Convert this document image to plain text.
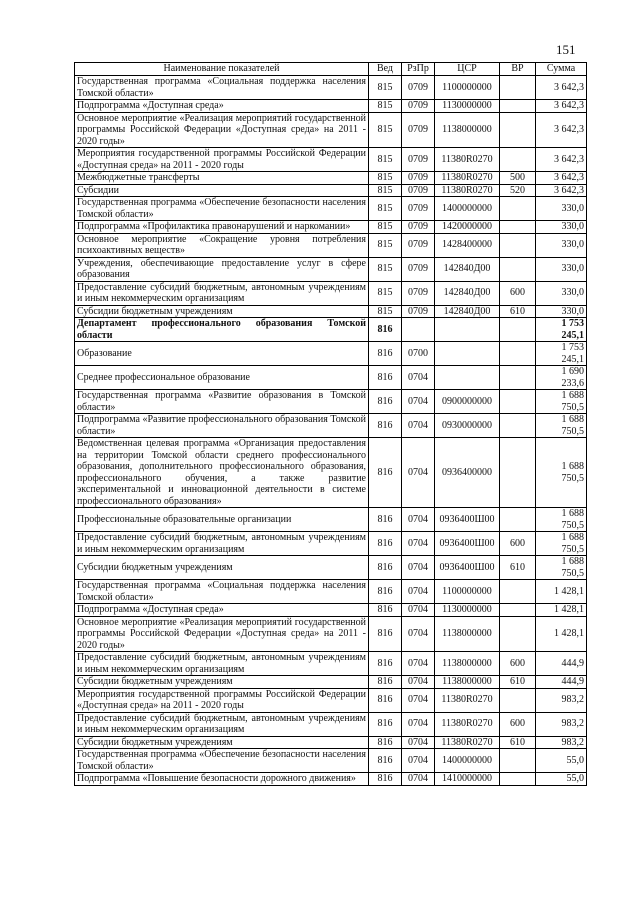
151
Наименование показателей	Вед	РзПр	ЦСР	ВР	Сумма
Государственная программа «Социальная поддержка населения Томской области»	815	0709	1100000000		3 642,3
Подпрограмма «Доступная среда»	815	0709	1130000000		3 642,3
Основное мероприятие «Реализация мероприятий государственной программы Российской Федерации «Доступная среда» на 2011 - 2020 годы»	815	0709	1138000000		3 642,3
Мероприятия государственной программы Российской Федерации «Доступная среда» на 2011 - 2020 годы	815	0709	11380R0270		3 642,3
Межбюджетные трансферты	815	0709	11380R0270	500	3 642,3
Субсидии	815	0709	11380R0270	520	3 642,3
Государственная программа «Обеспечение безопасности населения Томской области»	815	0709	1400000000		330,0
Подпрограмма «Профилактика правонарушений и наркомании»	815	0709	1420000000		330,0
Основное мероприятие «Сокращение уровня потребления психоактивных веществ»	815	0709	1428400000		330,0
Учреждения, обеспечивающие предоставление услуг в сфере образования	815	0709	142840Д00		330,0
Предоставление субсидий бюджетным, автономным учреждениям и иным некоммерческим организациям	815	0709	142840Д00	600	330,0
Субсидии бюджетным учреждениям	815	0709	142840Д00	610	330,0
Департамент профессионального образования Томской области	816				1 753 245,1
Образование	816	0700			1 753 245,1
Среднее профессиональное образование	816	0704			1 690 233,6
Государственная программа «Развитие образования в Томской области»	816	0704	0900000000		1 688 750,5
Подпрограмма «Развитие профессионального образования Томской области»	816	0704	0930000000		1 688 750,5
Ведомственная целевая программа «Организация предоставления на территории Томской области среднего профессионального образования, дополнительного профессионального образования, профессионального обучения, а также развитие экспериментальной и инновационной деятельности в системе профессионального образования»	816	0704	0936400000		1 688 750,5
Профессиональные образовательные организации	816	0704	0936400Ш00		1 688 750,5
Предоставление субсидий бюджетным, автономным учреждениям и иным некоммерческим организациям	816	0704	0936400Ш00	600	1 688 750,5
Субсидии бюджетным учреждениям	816	0704	0936400Ш00	610	1 688 750,5
Государственная программа «Социальная поддержка населения Томской области»	816	0704	1100000000		1 428,1
Подпрограмма «Доступная среда»	816	0704	1130000000		1 428,1
Основное мероприятие «Реализация мероприятий государственной программы Российской Федерации «Доступная среда» на 2011 - 2020 годы»	816	0704	1138000000		1 428,1
Предоставление субсидий бюджетным, автономным учреждениям и иным некоммерческим организациям	816	0704	1138000000	600	444,9
Субсидии бюджетным учреждениям	816	0704	1138000000	610	444,9
Мероприятия государственной программы Российской Федерации «Доступная среда» на 2011 - 2020 годы	816	0704	11380R0270		983,2
Предоставление субсидий бюджетным, автономным учреждениям и иным некоммерческим организациям	816	0704	11380R0270	600	983,2
Субсидии бюджетным учреждениям	816	0704	11380R0270	610	983,2
Государственная программа «Обеспечение безопасности населения Томской области»	816	0704	1400000000		55,0
Подпрограмма «Повышение безопасности дорожного движения»	816	0704	1410000000		55,0
